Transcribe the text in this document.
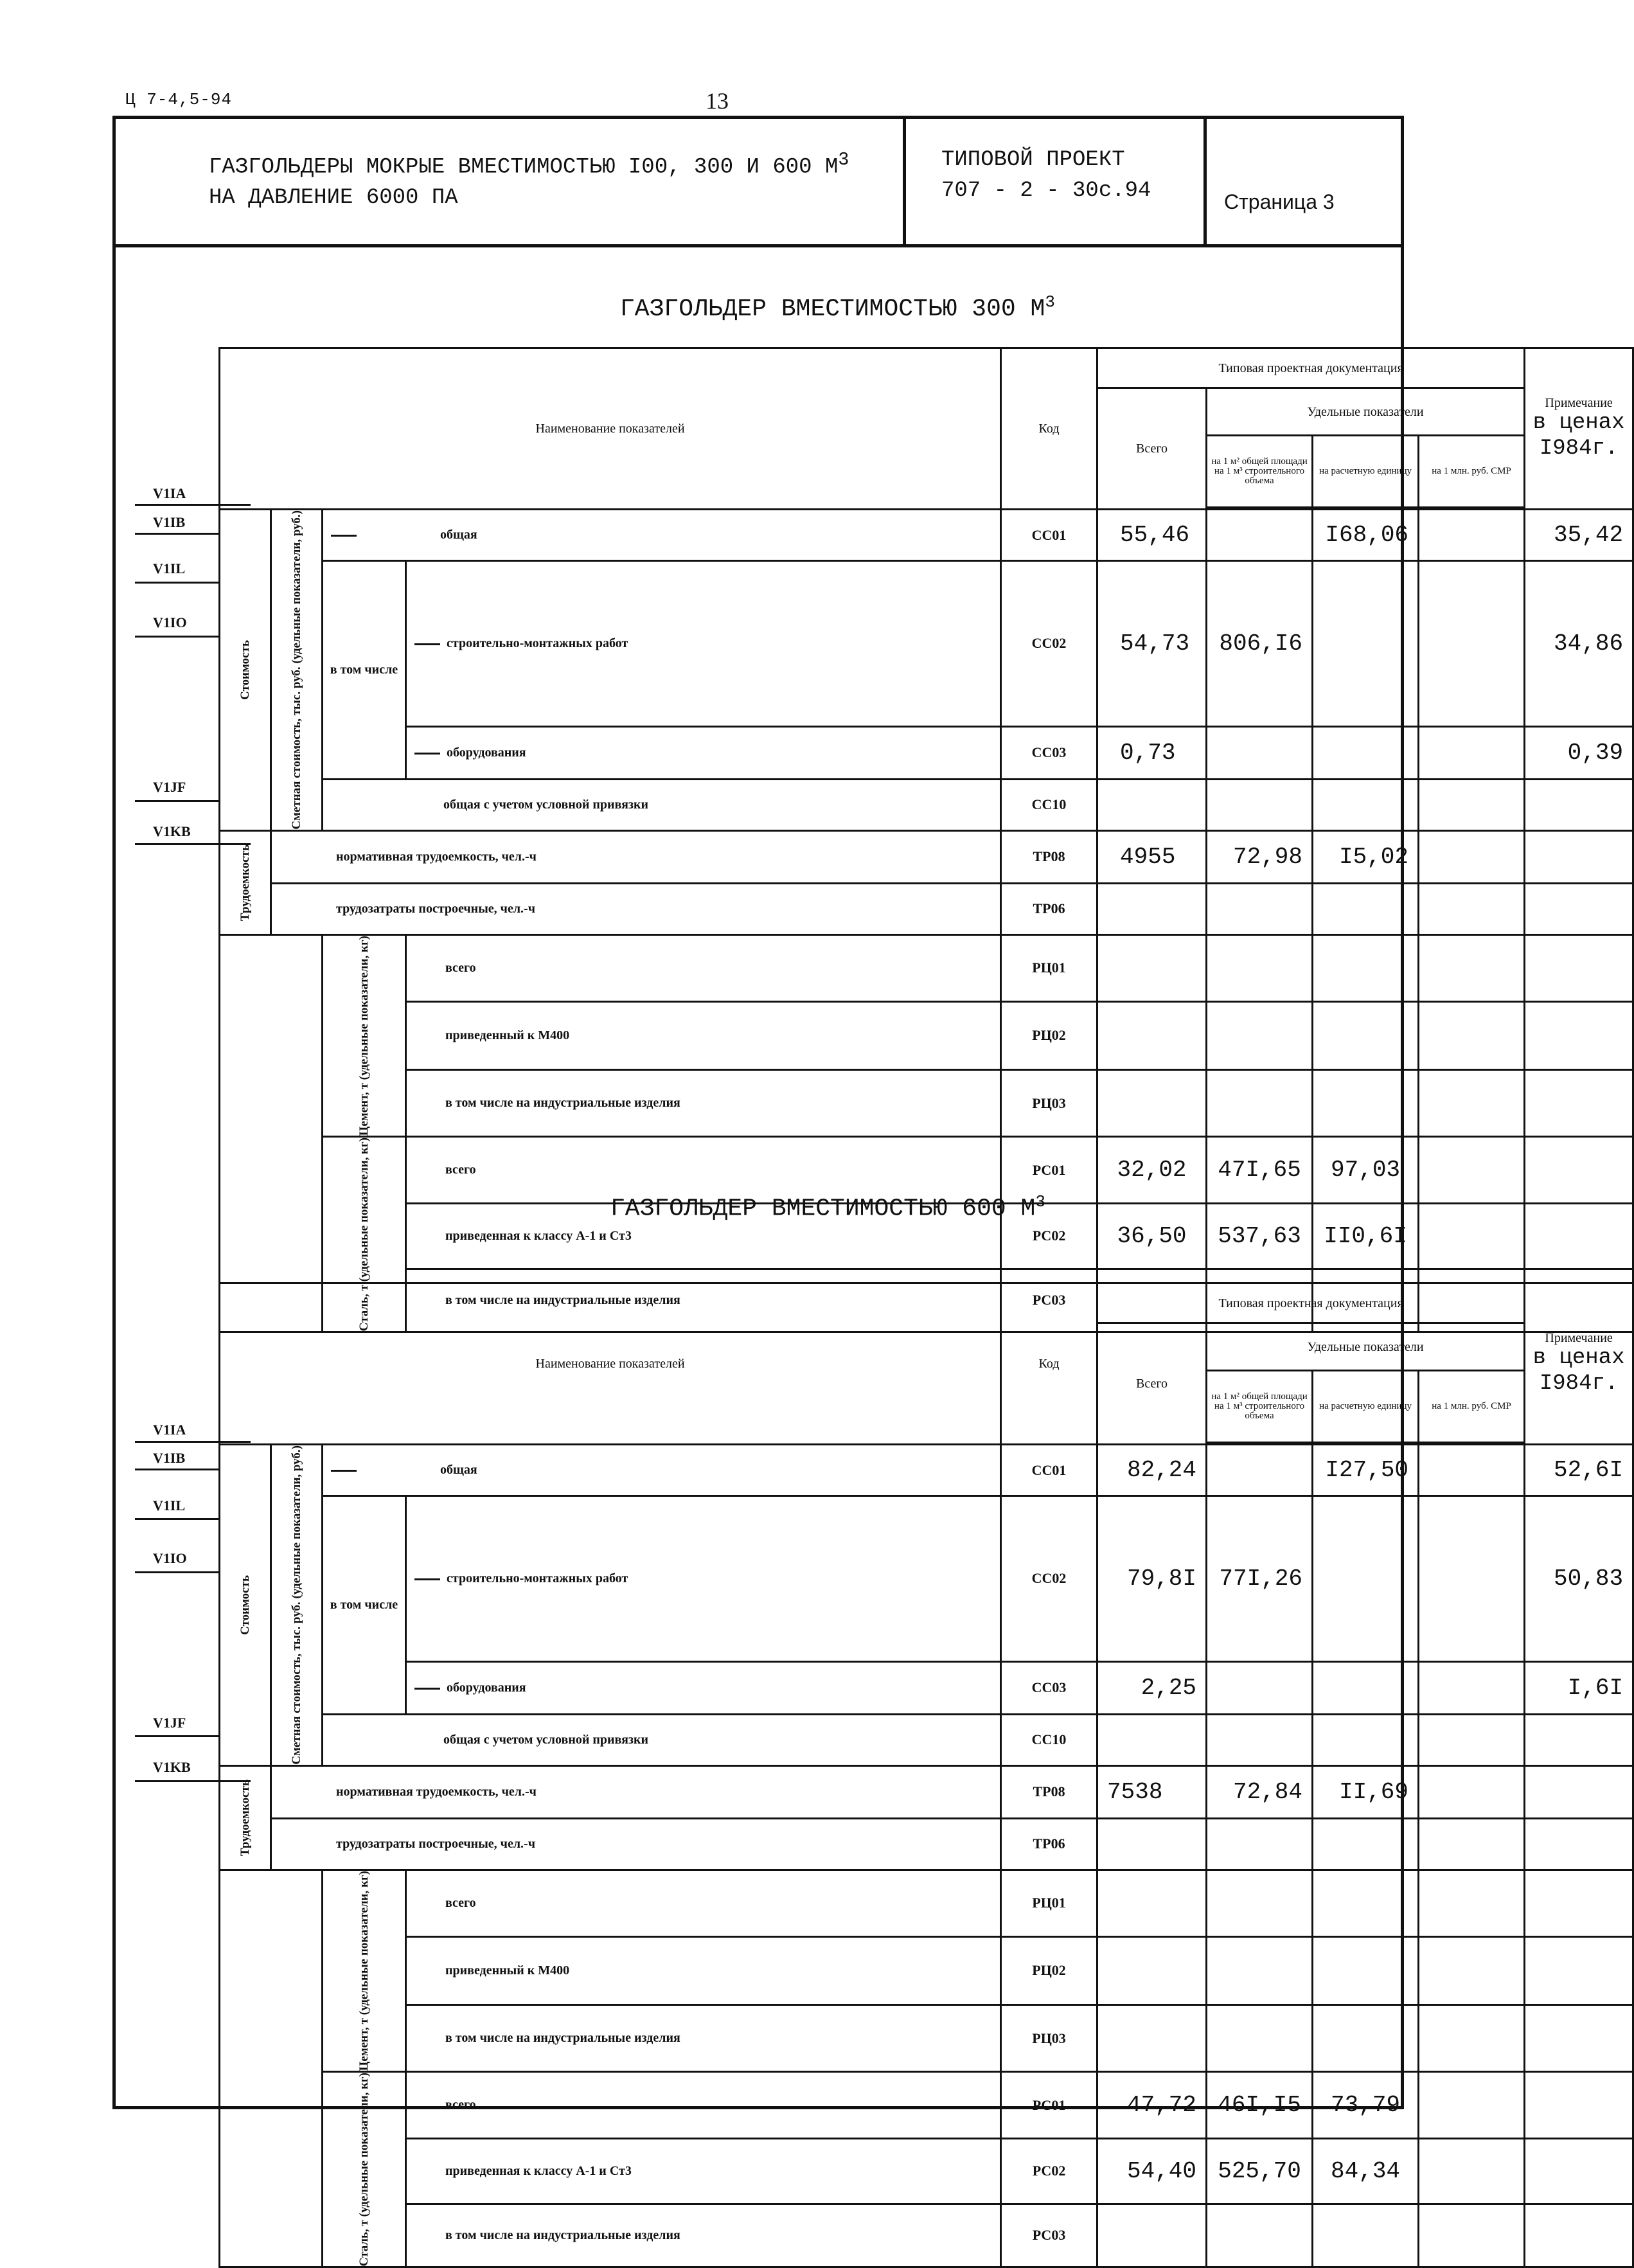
Ц 7-4,5-94	13
ГАЗГОЛЬДЕРЫ МОКРЫЕ ВМЕСТИМОСТЬЮ I00, 300 И 600 $М^3$
НА ДАВЛЕНИЕ 6000 ПА
ТИПОВОЙ ПРОЕКТ
707 - 2 - 30с.94	Страница 3
ГАЗГОЛЬДЕР ВМЕСТИМОСТЬЮ 300 $М^3$
V1IA
V1IB
V1IL
V1IO
V1JF
V1KB
Наименование показателей				Код	Типовая проектная документация				Примечание
в ценах
I984г.

					Всего	Удельные показатели			
						на 1 м² общей площади на 1 м³ строительного объема	на расчетную единицу	на 1 млн. руб. СМР	

Стоимость	Сметная стоимость, тыс. руб. (удельные показатели, руб.)	общая		СС01	55,46		I68,06		35,42
		в том числе	строительно-монтажных работ	СС02	54,73	806,I6			34,86
			оборудования	СС03	0,73				0,39
		общая с учетом условной привязки		СС10					

Трудоемкость	нормативная трудоемкость, чел.-ч			ТР08	4955	72,98	I5,02		
	трудозатраты построечные, чел.-ч			ТР06					

		Цемент, т (удельные показатели, кг)	всего	РЦ01					
			приведенный к М400	РЦ02					
			в том числе на индустриальные изделия	РЦ03					

		Сталь, т (удельные показатели, кг)	всего	РС01	32,02	47I,65	97,03		
			приведенная к классу А-1 и Ст3	РС02	36,50	537,63	II0,6I		
			в том числе на индустриальные изделия	РС03					
ГАЗГОЛЬДЕР ВМЕСТИМОСТЬЮ 600 $М^3$
V1IA
V1IB
V1IL
V1IO
V1JF
V1KB
Наименование показателей				Код	Типовая проектная документация				Примечание
в ценах
I984г.

					Всего	Удельные показатели			
						на 1 м² общей площади на 1 м³ строительного объема	на расчетную единицу	на 1 млн. руб. СМР	

Стоимость	Сметная стоимость, тыс. руб. (удельные показатели, руб.)	общая		СС01	82,24		I27,50		52,6I
		в том числе	строительно-монтажных работ	СС02	79,8I	77I,26			50,83
			оборудования	СС03	2,25				I,6I
		общая с учетом условной привязки		СС10					

Трудоемкость	нормативная трудоемкость, чел.-ч			ТР08	7538	72,84	II,69		
	трудозатраты построечные, чел.-ч			ТР06					

		Цемент, т (удельные показатели, кг)	всего	РЦ01					
			приведенный к М400	РЦ02					
			в том числе на индустриальные изделия	РЦ03					

		Сталь, т (удельные показатели, кг)	всего	РС01	47,72	46I,I5	73,79		
			приведенная к классу А-1 и Ст3	РС02	54,40	525,70	84,34		
			в том числе на индустриальные изделия	РС03					
